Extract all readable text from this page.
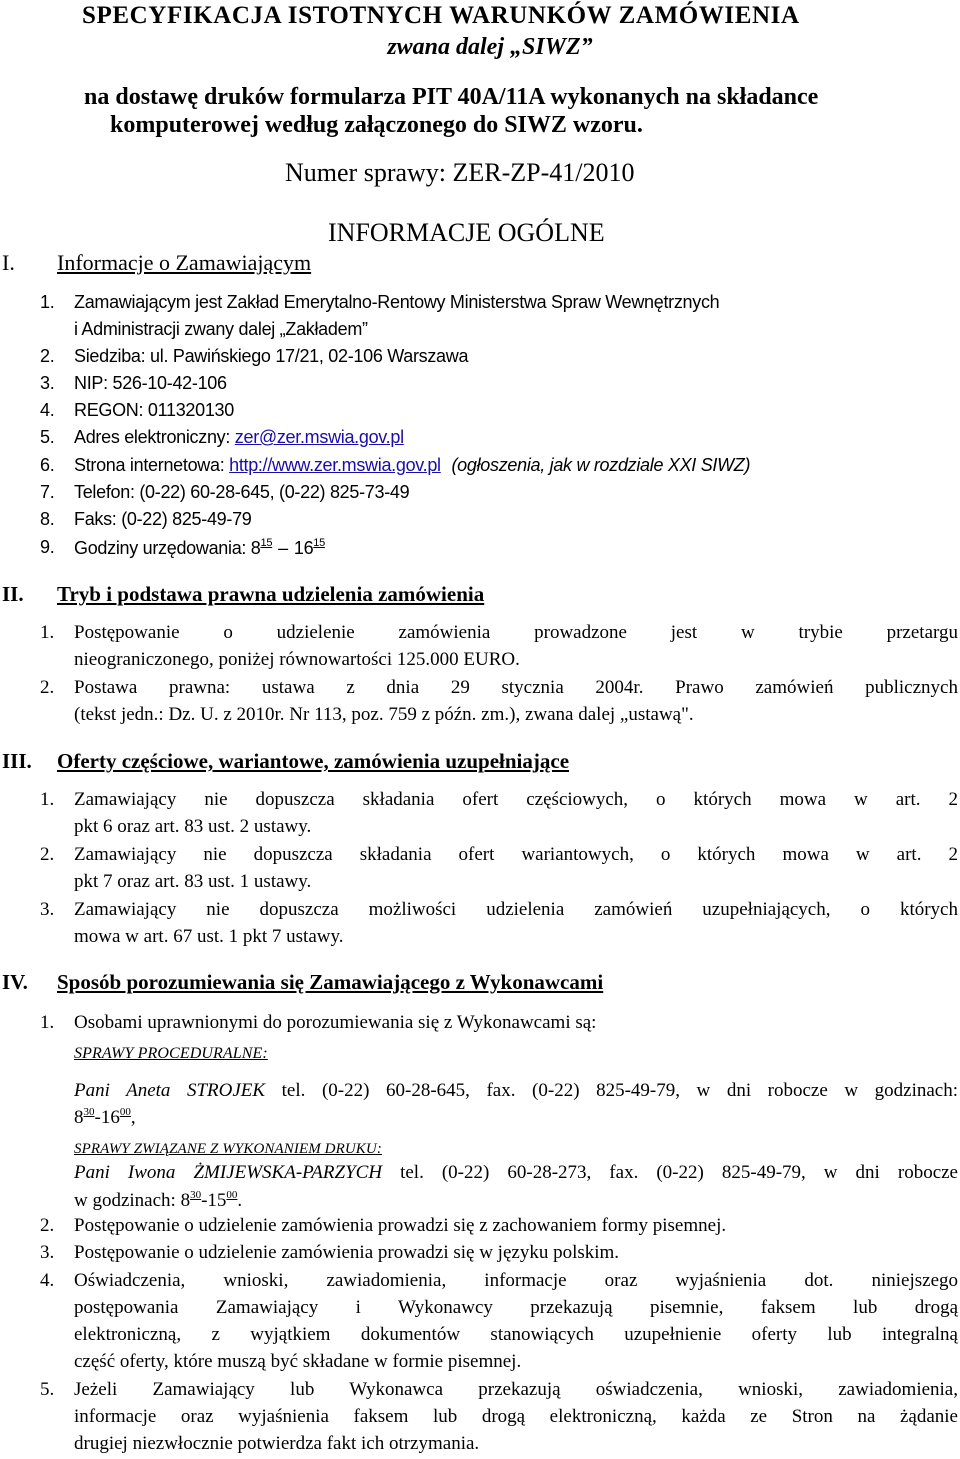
SPECYFIKACJA ISTOTNYCH WARUNKÓW ZAMÓWIENIA
zwana dalej „SIWZ”
na dostawę druków formularza PIT 40A/11A wykonanych na składance
komputerowej według załączonego do SIWZ wzoru.
Numer sprawy: ZER-ZP-41/2010
INFORMACJE OGÓLNE
I. Informacje o Zamawiającym
1. Zamawiającym jest Zakład Emerytalno-Rentowy Ministerstwa Spraw Wewnętrznych
i Administracji zwany dalej „Zakładem”
2. Siedziba: ul. Pawińskiego 17/21, 02-106 Warszawa
3. NIP: 526-10-42-106
4. REGON: 011320130
5. Adres elektroniczny: zer@zer.mswia.gov.pl
6. Strona internetowa: http://www.zer.mswia.gov.pl (ogłoszenia, jak w rozdziale XXI SIWZ)
7. Telefon: (0-22) 60-28-645, (0-22) 825-73-49
8. Faks: (0-22) 825-49-79
9. Godziny urzędowania: $8^{15} - 16^{15}$
II. Tryb i podstawa prawna udzielenia zamówienia
1. Postępowanie o udzielenie zamówienia prowadzone jest w trybie przetargu
nieograniczonego, poniżej równowartości 125.000 EURO.
2. Postawa prawna: ustawa z dnia 29 stycznia 2004r. Prawo zamówień publicznych
(tekst jedn.: Dz. U. z 2010r. Nr 113, poz. 759 z późn. zm.), zwana dalej „ustawą".
III. Oferty częściowe, wariantowe, zamówienia uzupełniające
1. Zamawiający nie dopuszcza składania ofert częściowych, o których mowa w art. 2
pkt 6 oraz art. 83 ust. 2 ustawy.
2. Zamawiający nie dopuszcza składania ofert wariantowych, o których mowa w art. 2
pkt 7 oraz art. 83 ust. 1 ustawy.
3. Zamawiający nie dopuszcza możliwości udzielenia zamówień uzupełniających, o których
mowa w art. 67 ust. 1 pkt 7 ustawy.
IV. Sposób porozumiewania się Zamawiającego z Wykonawcami
1. Osobami uprawnionymi do porozumiewania się z Wykonawcami są:
SPRAWY PROCEDURALNE:
Pani Aneta STROJEK tel. (0-22) 60-28-645, fax. (0-22) 825-49-79, w dni robocze w godzinach:
$8^{30}-16^{00}$,
SPRAWY ZWIĄZANE Z WYKONANIEM DRUKU:
Pani Iwona ŻMIJEWSKA-PARZYCH tel. (0-22) 60-28-273, fax. (0-22) 825-49-79, w dni robocze
w godzinach: $8^{30}-15^{00}$.
2. Postępowanie o udzielenie zamówienia prowadzi się z zachowaniem formy pisemnej.
3. Postępowanie o udzielenie zamówienia prowadzi się w języku polskim.
4. Oświadczenia, wnioski, zawiadomienia, informacje oraz wyjaśnienia dot. niniejszego
postępowania Zamawiający i Wykonawcy przekazują pisemnie, faksem lub drogą
elektroniczną, z wyjątkiem dokumentów stanowiących uzupełnienie oferty lub integralną
część oferty, które muszą być składane w formie pisemnej.
5. Jeżeli Zamawiający lub Wykonawca przekazują oświadczenia, wnioski, zawiadomienia,
informacje oraz wyjaśnienia faksem lub drogą elektroniczną, każda ze Stron na żądanie
drugiej niezwłocznie potwierdza fakt ich otrzymania.
